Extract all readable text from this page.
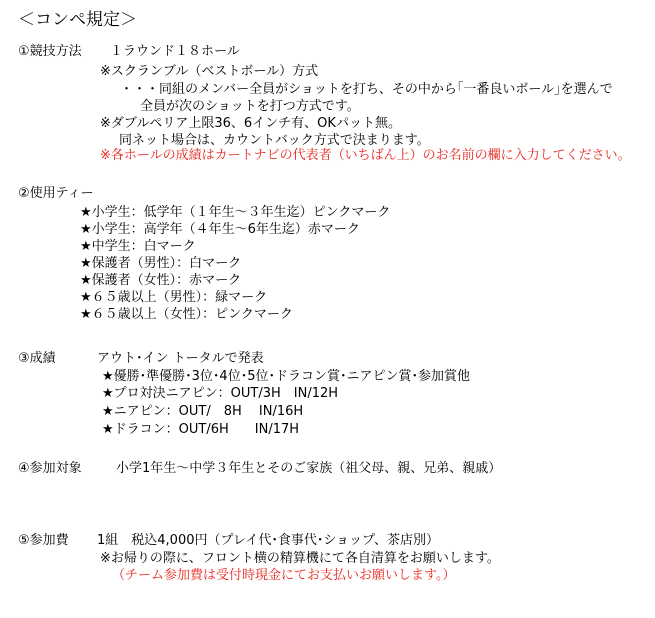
＜コンペ規定＞
①競技方法 １ラウンド１８ホール
※スクランブル（ベストボール）方式
・・・同組のメンバー全員がショットを打ち、その中から｢一番良いボール｣を選んで
全員が次のショットを打つ方式です。
※ダブルペリア上限36、6インチ有、OKパット無。
同ネット場合は、カウントバック方式で決まります。
※各ホールの成績はカートナビの代表者（いちばん上）のお名前の欄に入力してください。
②使用ティー
★小学生：低学年（１年生～３年生迄）ピンクマーク
★小学生：高学年（４年生～6年生迄）赤マーク
★中学生：白マーク
★保護者（男性）：白マーク
★保護者（女性）：赤マーク
★６５歳以上（男性）：緑マーク
★６５歳以上（女性）：ピンクマーク
③成績	アウト･イン トータルで発表
★優勝･準優勝･3位･4位･5位･ドラコン賞･ニアピン賞･参加賞他
★プロ対決ニアピン：OUT/3H　IN/12H
★ニアピン：OUT/　8H　 IN/16H
★ドラコン：OUT/6H　　IN/17H
④参加対象	小学1年生～中学３年生とそのご家族（祖父母、親、兄弟、親戚）
⑤参加費 1組　税込4,000円（プレイ代･食事代･ショップ、茶店別）
※お帰りの際に、フロント横の精算機にて各自清算をお願いします。
（チーム参加費は受付時現金にてお支払いお願いします。）
